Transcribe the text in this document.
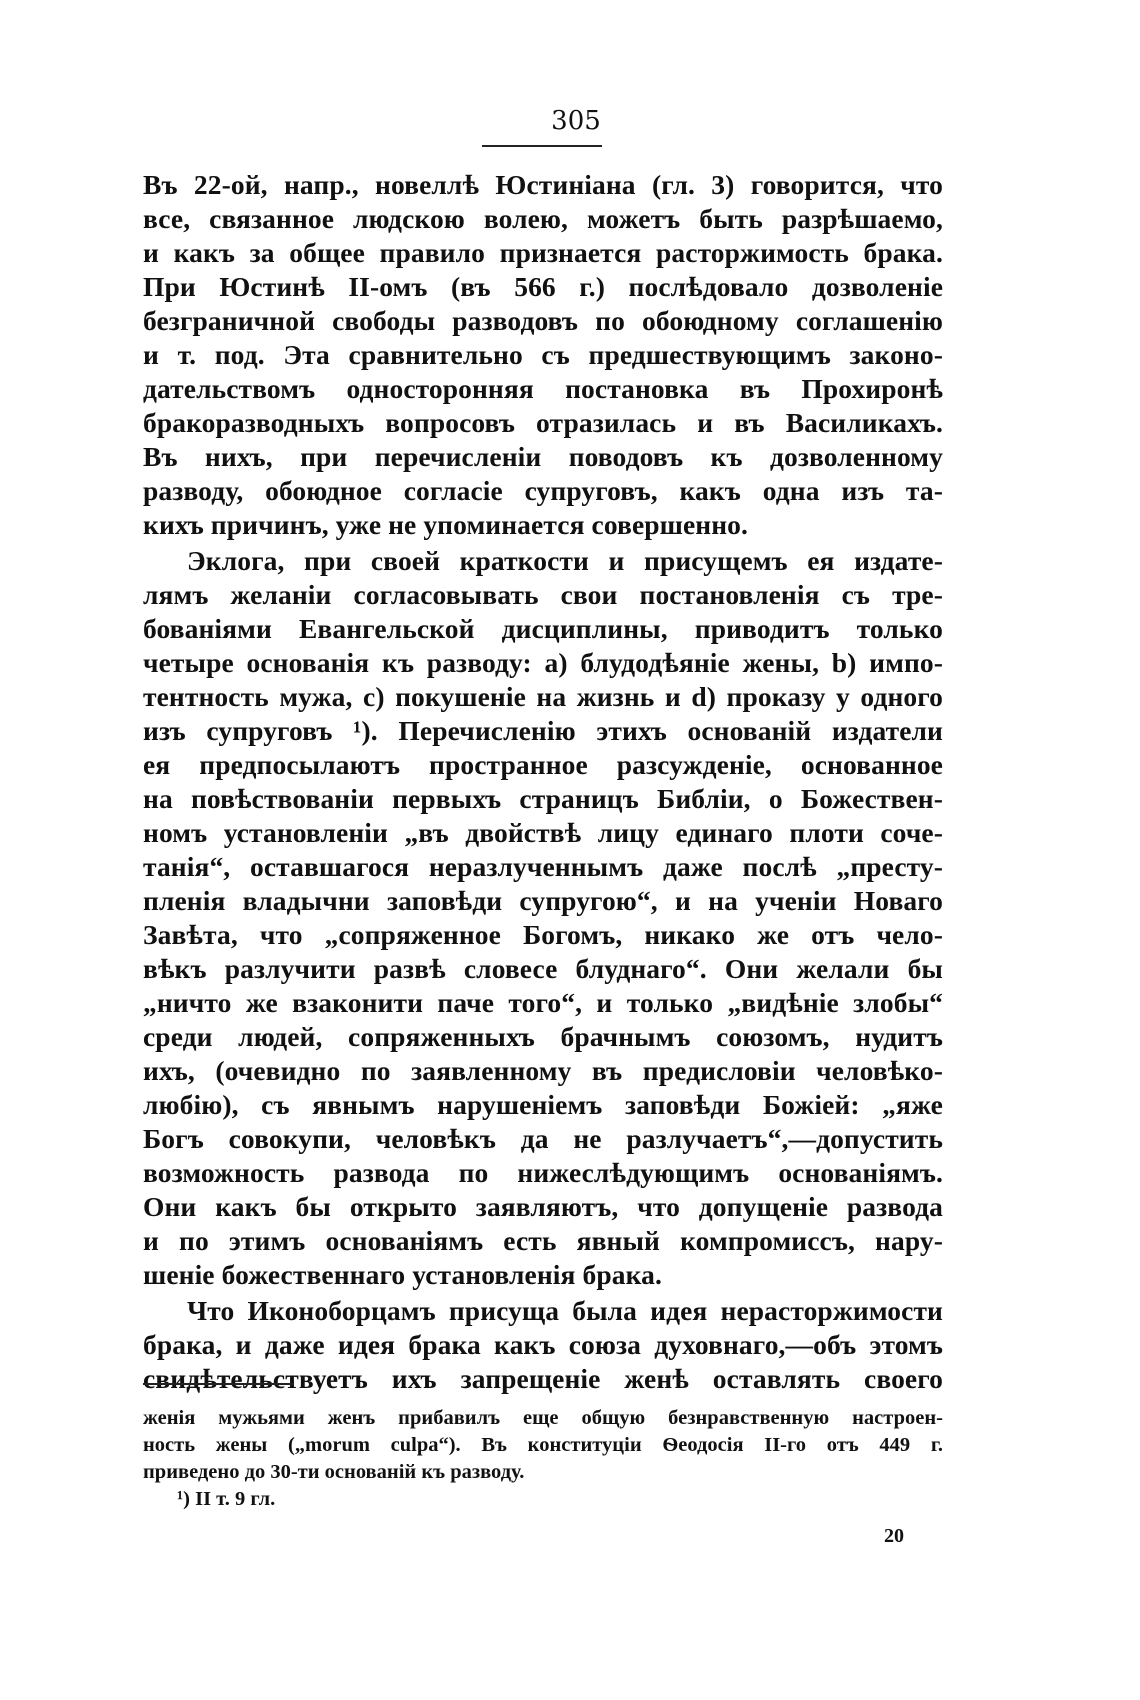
305
Въ 22-ой, напр., новеллѣ Юстиніана (гл. 3) говорится, что
все, связанное людскою волею, можетъ быть разрѣшаемо,
и какъ за общее правило признается расторжимость брака.
При Юстинѣ II-омъ (въ 566 г.) послѣдовало дозволеніе
безграничной свободы разводовъ по обоюдному соглашенію
и т. под. Эта сравнительно съ предшествующимъ законо-
дательствомъ односторонняя постановка въ Прохиронѣ
бракоразводныхъ вопросовъ отразилась и въ Василикахъ.
Въ нихъ, при перечисленіи поводовъ къ дозволенному
разводу, обоюдное согласіе супруговъ, какъ одна изъ та-
кихъ причинъ, уже не упоминается совершенно.
Эклога, при своей краткости и присущемъ ея издате-
лямъ желаніи согласовывать свои постановленія съ тре-
бованіями Евангельской дисциплины, приводитъ только
четыре основанія къ разводу: a) блудодѣяніе жены, b) импо-
тентность мужа, c) покушеніе на жизнь и d) проказу у одного
изъ супруговъ ¹). Перечисленію этихъ основаній издатели
ея предпосылаютъ пространное разсужденіе, основанное
на повѣствованіи первыхъ страницъ Библіи, о Божествен-
номъ установленіи „въ двойствѣ лицу единаго плоти соче-
танія“, оставшагося неразлученнымъ даже послѣ „престу-
пленія владычни заповѣди супругою“, и на ученіи Новаго
Завѣта, что „сопряженное Богомъ, никако же отъ чело-
вѣкъ разлучити развѣ словесе блуднаго“. Они желали бы
„ничто же взаконити паче того“, и только „видѣніе злобы“
среди людей, сопряженныхъ брачнымъ союзомъ, нудитъ
ихъ, (очевидно по заявленному въ предисловіи человѣко-
любію), съ явнымъ нарушеніемъ заповѣди Божіей: „яже
Богъ совокупи, человѣкъ да не разлучаетъ“,—допустить
возможность развода по нижеслѣдующимъ основаніямъ.
Они какъ бы открыто заявляютъ, что допущеніе развода
и по этимъ основаніямъ есть явный компромиссъ, нару-
шеніе божественнаго установленія брака.
Что Иконоборцамъ присуща была идея нерасторжимости
брака, и даже идея брака какъ союза духовнаго,—объ этомъ
свидѣтельствуетъ ихъ запрещеніе женѣ оставлять своего
женія мужьями женъ прибавилъ еще общую безнравственную настроен-
ность жены („morum culpa“). Въ конституціи Ѳеодосія II-го отъ 449 г.
приведено до 30-ти основаній къ разводу.
¹) II т. 9 гл.
20
